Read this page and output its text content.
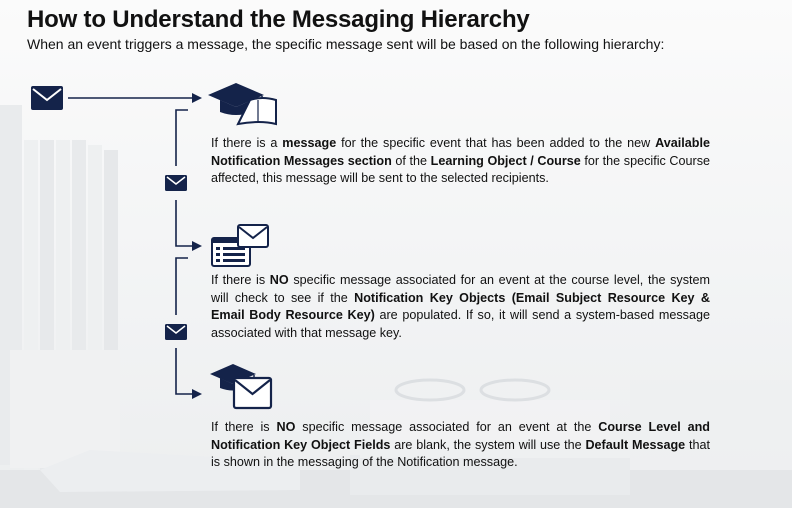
How to Understand the Messaging Hierarchy
When an event triggers a message, the specific message sent will be based on the following hierarchy:
If there is a message for the specific event that has been added to the new Available Notification Messages section of the Learning Object / Course for the specific Course affected, this message will be sent to the selected recipients.
If there is NO specific message associated for an event at the course level, the system will check to see if the Notification Key Objects (Email Subject Resource Key & Email Body Resource Key) are populated. If so, it will send a system-based message associated with that message key.
If there is NO specific message associated for an event at the Course Level and Notification Key Object Fields are blank, the system will use the Default Message that is shown in the messaging of the Notification message.
